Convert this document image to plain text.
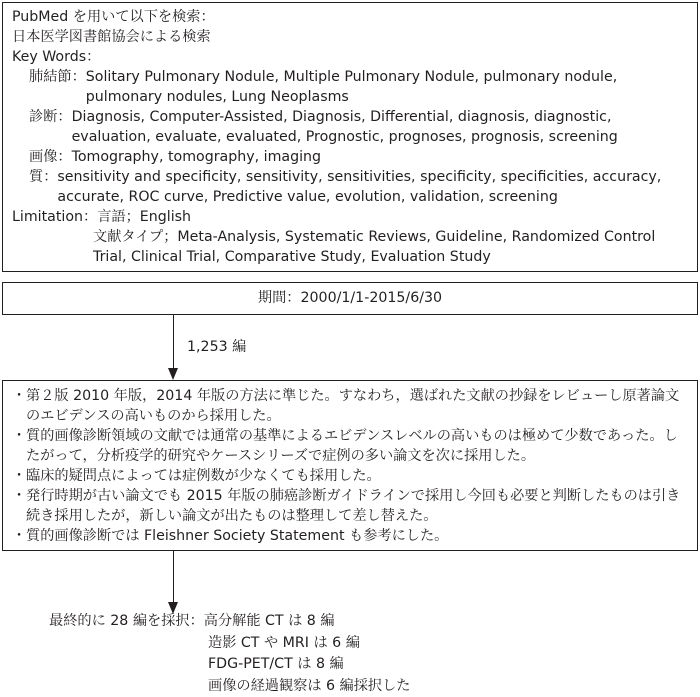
PubMed を用いて以下を検索：
日本医学図書館協会による検索
Key Words：
肺結節： Solitary Pulmonary Nodule, Multiple Pulmonary Nodule, pulmonary nodule, pulmonary nodules, Lung Neoplasms
診断： Diagnosis, Computer-Assisted, Diagnosis, Differential, diagnosis, diagnostic, evaluation, evaluate, evaluated, Prognostic, prognoses, prognosis, screening
画像： Tomography, tomography, imaging
質： sensitivity and specificity, sensitivity, sensitivities, specificity, specificities, accuracy, accurate, ROC curve, Predictive value, evolution, validation, screening
Limitation： 言語；English
文献タイプ；Meta-Analysis, Systematic Reviews, Guideline, Randomized Control Trial, Clinical Trial, Comparative Study, Evaluation Study
期間：2000/1/1-2015/6/30
1,253 編
・ 第２版 2010 年版，2014 年版の方法に準じた。すなわち，選ばれた文献の抄録をレビューし原著論文のエビデンスの高いものから採用した。
・ 質的画像診断領域の文献では通常の基準によるエビデンスレベルの高いものは極めて少数であった。したがって，分析疫学的研究やケースシリーズで症例の多い論文を次に採用した。
・ 臨床的疑問点によっては症例数が少なくても採用した。
・ 発行時期が古い論文でも 2015 年版の肺癌診断ガイドラインで採用し今回も必要と判断したものは引き続き採用したが，新しい論文が出たものは整理して差し替えた。
・ 質的画像診断では Fleishner Society Statement も参考にした。
最終的に 28 編を採択：高分解能 CT は 8 編
造影 CT や MRI は 6 編
FDG-PET/CT は 8 編
画像の経過観察は 6 編採択した
